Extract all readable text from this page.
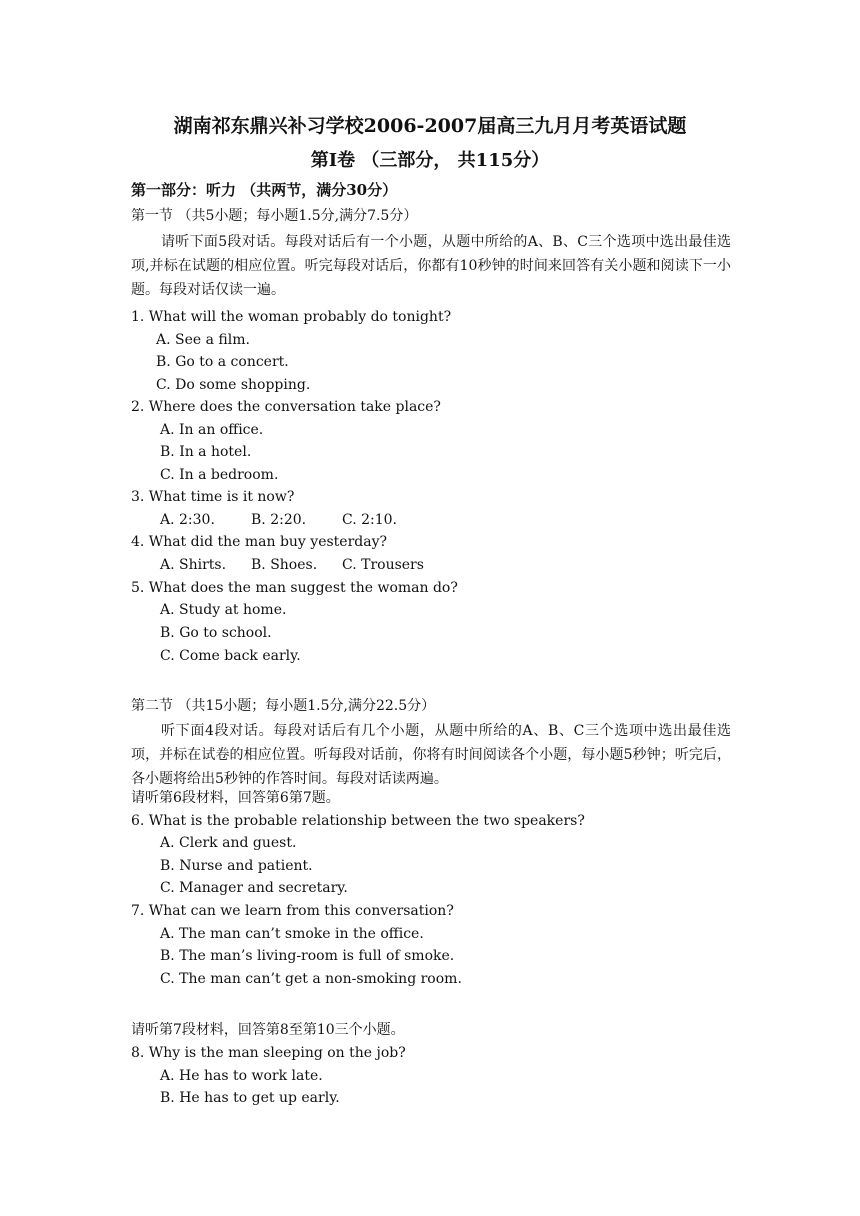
湖南祁东鼎兴补习学校2006-2007届高三九月月考英语试题
第Ⅰ卷 （三部分， 共115分）
第一部分：听力 （共两节，满分30分）
第一节 （共5小题；每小题1.5分,满分7.5分）
请听下面5段对话。每段对话后有一个小题，从题中所给的A、B、C三个选项中选出最佳选项,并标在试题的相应位置。听完每段对话后，你都有10秒钟的时间来回答有关小题和阅读下一小题。每段对话仅读一遍。
1. What will the woman probably do tonight?
A. See a film.
B. Go to a concert.
C. Do some shopping.
2. Where does the conversation take place?
A. In an office.
B. In a hotel.
C. In a bedroom.
3. What time is it now?
A. 2:30.	B. 2:20.	C. 2:10.
4. What did the man buy yesterday?
A. Shirts. B. Shoes. C. Trousers
5. What does the man suggest the woman do?
A. Study at home.
B. Go to school.
C. Come back early.
第二节 （共15小题；每小题1.5分,满分22.5分）
听下面4段对话。每段对话后有几个小题，从题中所给的A、B、C三个选项中选出最佳选项，并标在试卷的相应位置。听每段对话前，你将有时间阅读各个小题，每小题5秒钟；听完后，各小题将给出5秒钟的作答时间。每段对话读两遍。
请听第6段材料，回答第6第7题。
6. What is the probable relationship between the two speakers?
A. Clerk and guest.
B. Nurse and patient.
C. Manager and secretary.
7. What can we learn from this conversation?
A. The man can’t smoke in the office.
B. The man’s living-room is full of smoke.
C. The man can’t get a non-smoking room.
请听第7段材料，回答第8至第10三个小题。
8. Why is the man sleeping on the job?
A. He has to work late.
B. He has to get up early.
